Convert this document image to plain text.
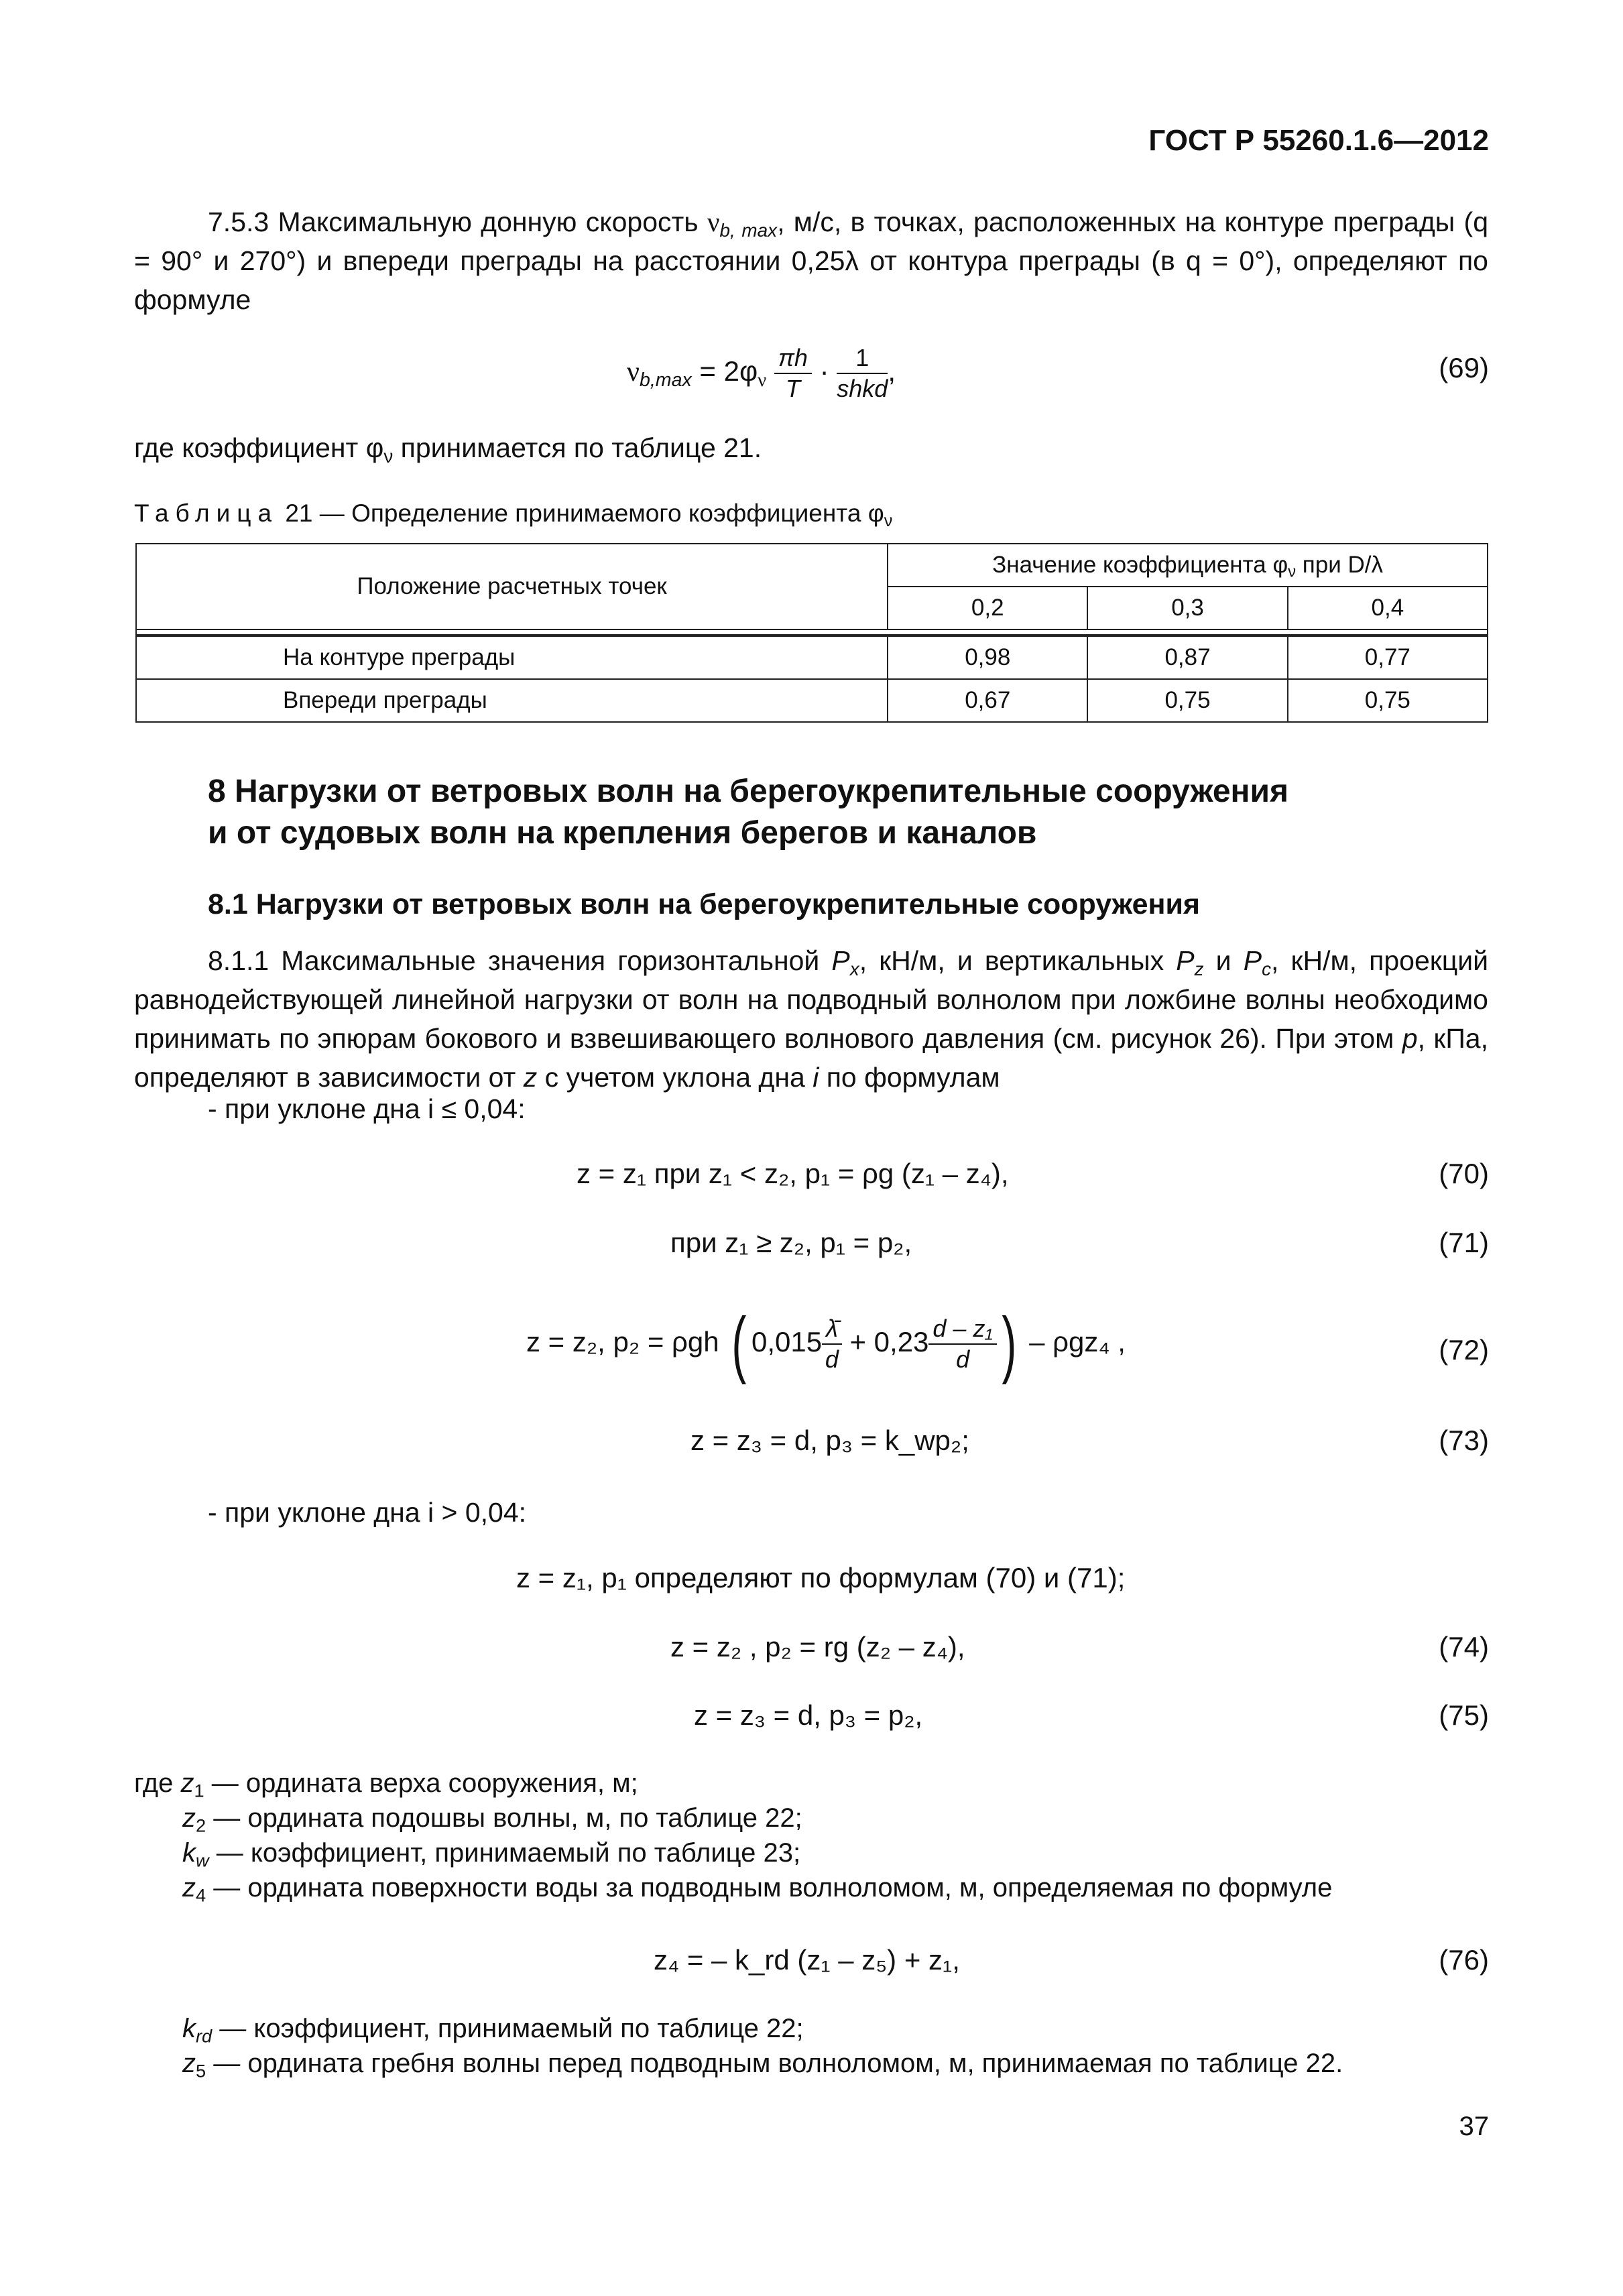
ГОСТ Р 55260.1.6—2012
7.5.3 Максимальную донную скорость $\nu_{b, max}$, м/с, в точках, расположенных на контуре преграды (q = 90° и 270°) и впереди преграды на расстоянии 0,25λ от контура преграды (в q = 0°), определяют по формуле
$\nu_{b,max} = 2\varphi_\nu \frac{\pi h}{T} \cdot \frac{1}{\text{shkd}}$ ,	(69)
где коэффициент $\varphi_\nu$ принимается по таблице 21.
Таблица 21 — Определение принимаемого коэффициента $\varphi_\nu$
Положение расчетных точек	Значение коэффициента $\varphi_\nu$ при D/λ		
	0,2	0,3	0,4

На контуре преграды	0,98	0,87	0,77
Впереди преграды	0,67	0,75	0,75
8 Нагрузки от ветровых волн на берегоукрепительные сооружения
и от судовых волн на крепления берегов и каналов
8.1 Нагрузки от ветровых волн на берегоукрепительные сооружения
8.1.1 Максимальные значения горизонтальной $P_x$, кН/м, и вертикальных $P_z$ и $P_c$, кН/м, проекций равнодействующей линейной нагрузки от волн на подводный волнолом при ложбине волны необходимо принимать по эпюрам бокового и взвешивающего волнового давления (см. рисунок 26). При этом p, кПа, определяют в зависимости от z с учетом уклона дна i по формулам
- при уклоне дна i ≤ 0,04:
z = z₁ при z₁ < z₂, p₁ = ρg (z₁ – z₄),	(70)
при z₁ ≥ z₂, p₁ = p₂,	(71)
z = z₂, p₂ = ρgh ( $0,015 \frac{\lambdā}{d} + 0,23 \frac{\text{d – z₁}}{d}$ ) – ρgz₄ ,	(72)
z = z₃ = d, p₃ = k_wp₂;	(73)
- при уклоне дна i > 0,04:
z = z₁, p₁ определяют по формулам (70) и (71);
z = z₂ , p₂ = rg (z₂ – z₄),	(74)
z = z₃ = d, p₃ = p₂,	(75)
где $z_1$ — ордината верха сооружения, м;
$z_2$ — ордината подошвы волны, м, по таблице 22;
$k_w$ — коэффициент, принимаемый по таблице 23;
$z_4$ — ордината поверхности воды за подводным волноломом, м, определяемая по формуле
z₄ = – k_rd (z₁ – z₅) + z₁,	(76)
$k_{rd}$ — коэффициент, принимаемый по таблице 22;
$z_5$ — ордината гребня волны перед подводным волноломом, м, принимаемая по таблице 22.
37
